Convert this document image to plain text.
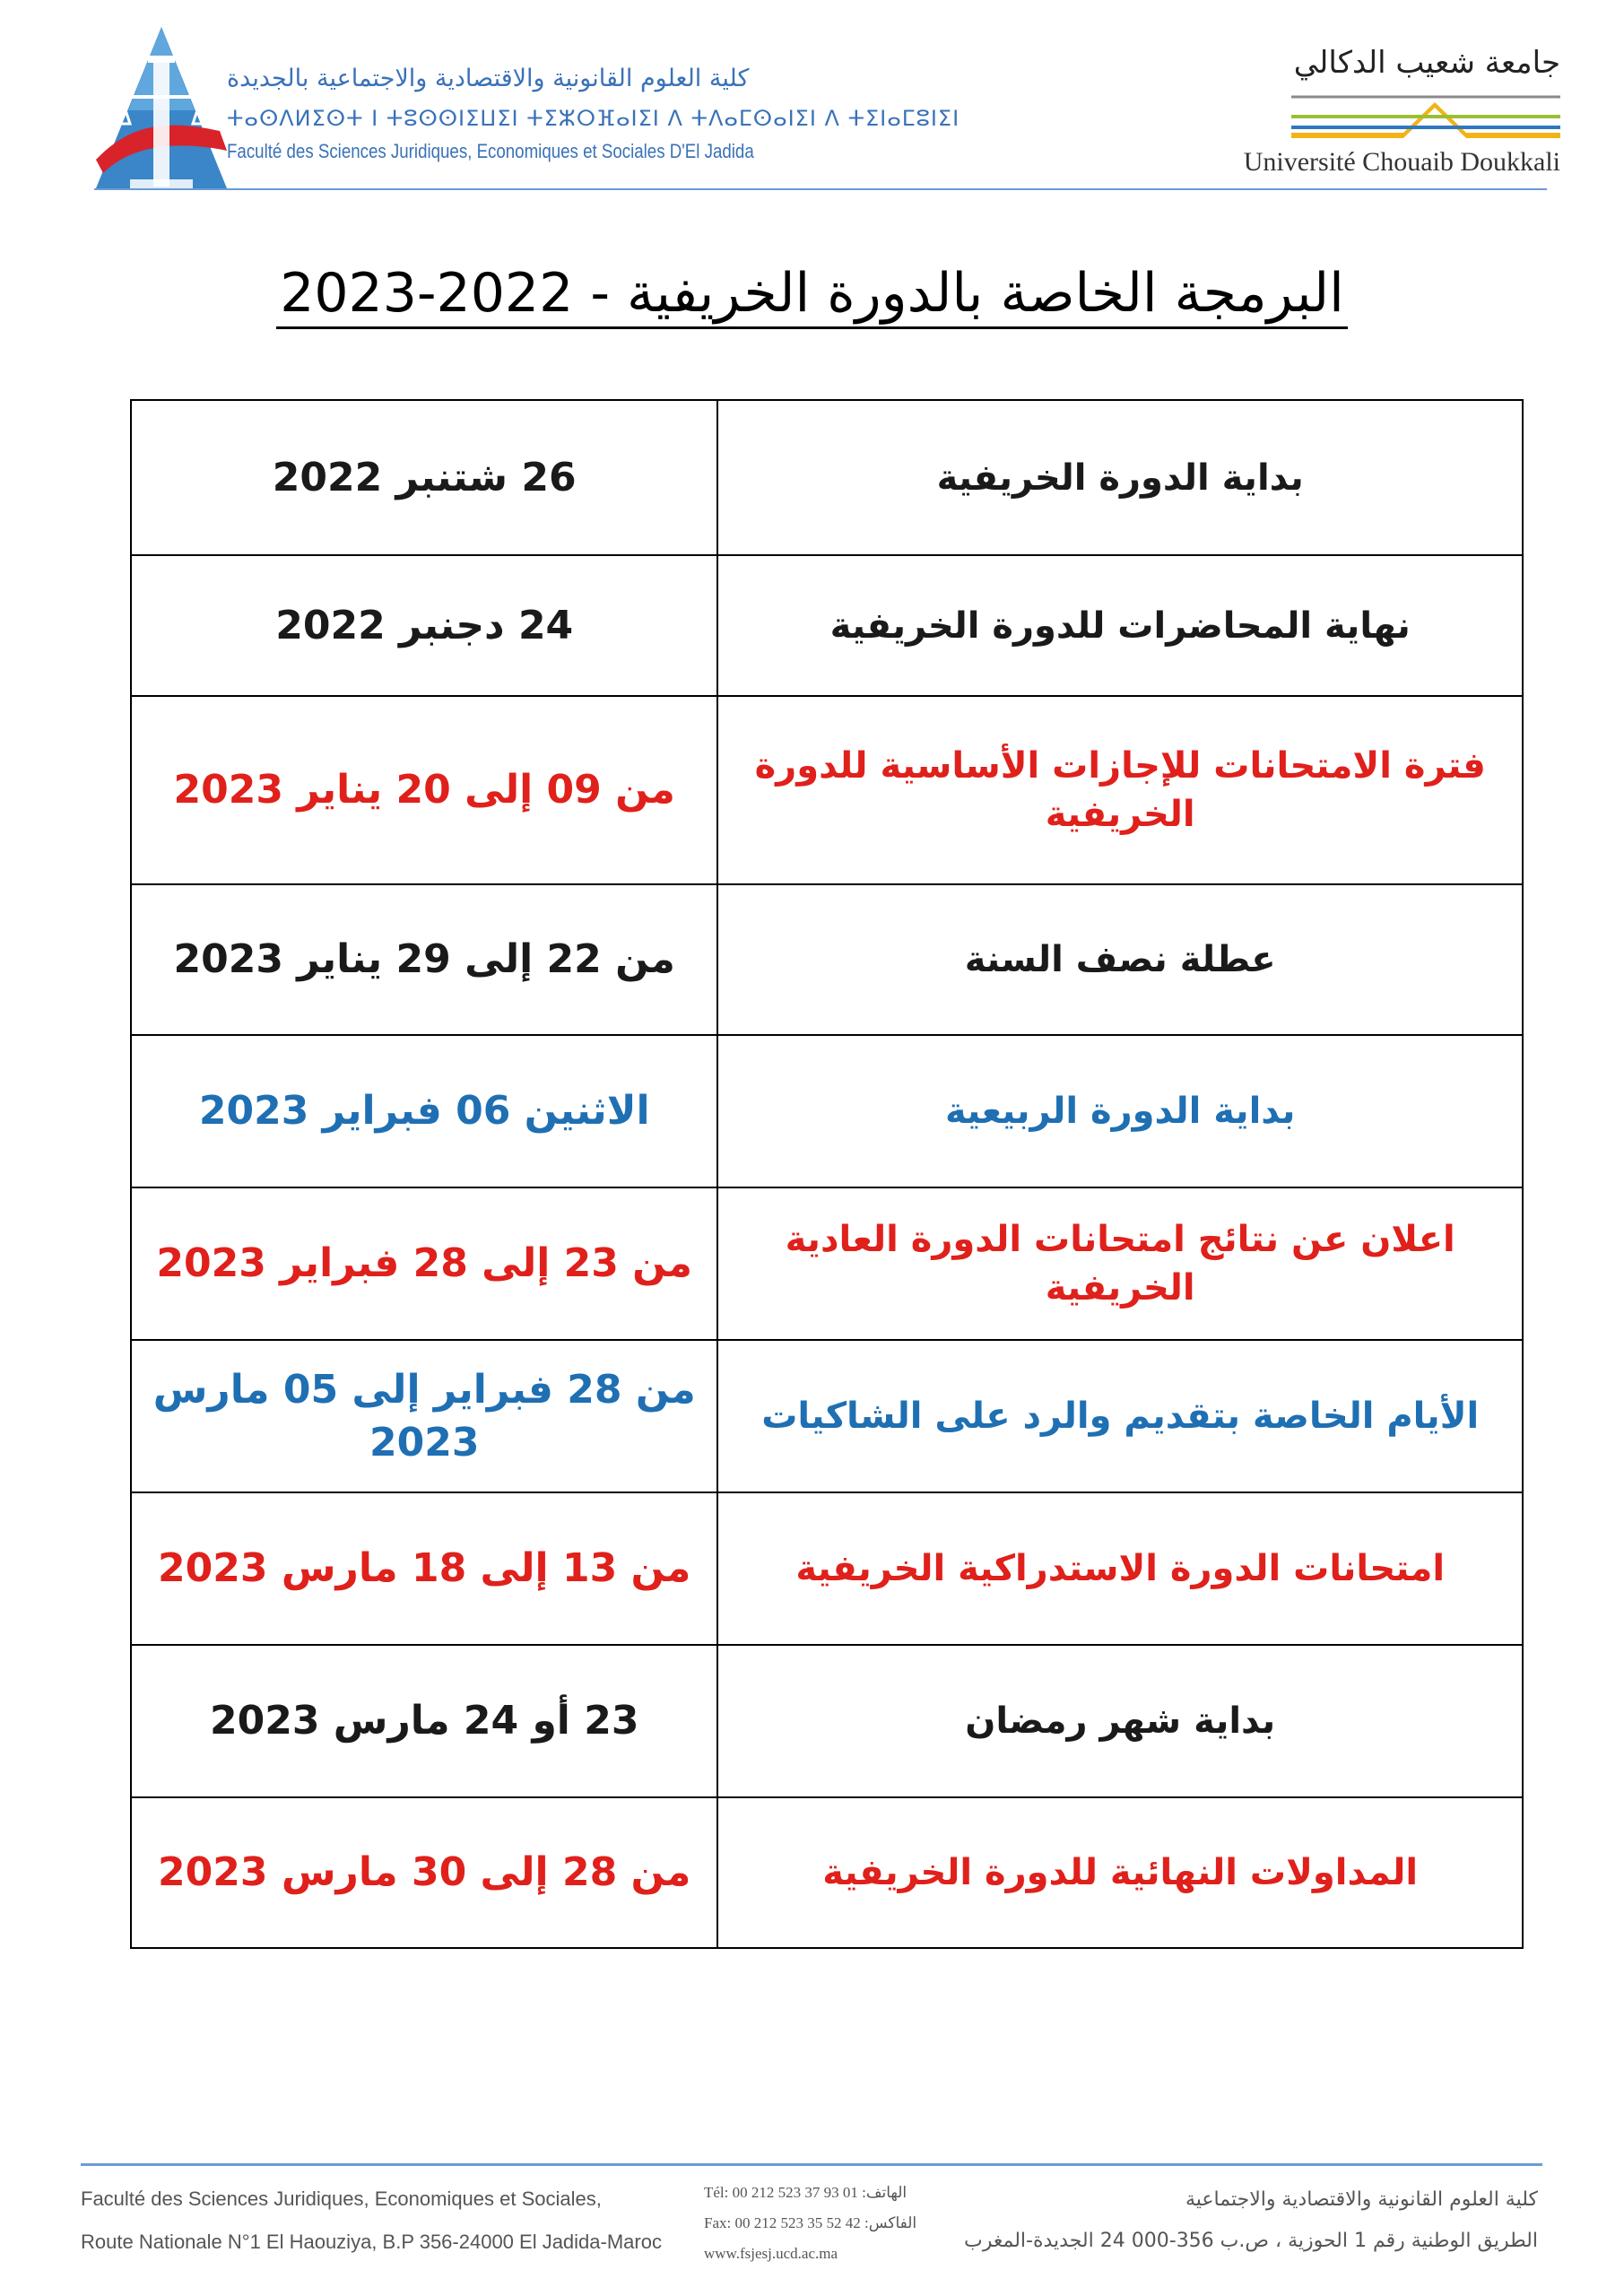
كلية العلوم القانونية والاقتصادية والاجتماعية بالجديدة
ⵜⴰⵙⴷⵍⵉⵙⵜ ⵏ ⵜⵓⵙⵙⵏⵉⵡⵉⵏ ⵜⵉⵣⵔⴼⴰⵏⵉⵏ ⴷ ⵜⴷⴰⵎⵙⴰⵏⵉⵏ ⴷ ⵜⵉⵏⴰⵎⵓⵏⵉⵏ
Faculté des Sciences Juridiques, Economiques et Sociales D'El Jadida
جامعة شعيب الدكالي
Université Chouaib Doukkali
البرمجة الخاصة بالدورة الخريفية - 2022-2023
بداية الدورة الخريفية	26 شتنبر 2022
نهاية المحاضرات للدورة الخريفية	24 دجنبر 2022
فترة الامتحانات للإجازات الأساسية للدورة الخريفية	من 09 إلى 20 يناير 2023
عطلة نصف السنة	من 22 إلى 29 يناير 2023
بداية الدورة الربيعية	الاثنين 06 فبراير 2023
اعلان عن نتائج امتحانات الدورة العادية الخريفية	من 23 إلى 28 فبراير 2023
الأيام الخاصة بتقديم والرد على الشاكيات	من 28 فبراير إلى 05 مارس 2023
امتحانات الدورة الاستدراكية الخريفية	من 13 إلى 18 مارس 2023
بداية شهر رمضان	23 أو 24 مارس 2023
المداولات النهائية للدورة الخريفية	من 28 إلى 30 مارس 2023
Faculté des Sciences Juridiques, Economiques et Sociales,
Route Nationale N°1 El Haouziya, B.P 356-24000 El Jadida-Maroc
Tél: 00 212 523 37 93 01 :الهاتف
Fax: 00 212 523 35 52 42 :الفاكس
www.fsjesj.ucd.ac.ma
كلية العلوم القانونية والاقتصادية والاجتماعية
الطريق الوطنية رقم 1 الحوزية ، ص.ب 356-000 24 الجديدة-المغرب
